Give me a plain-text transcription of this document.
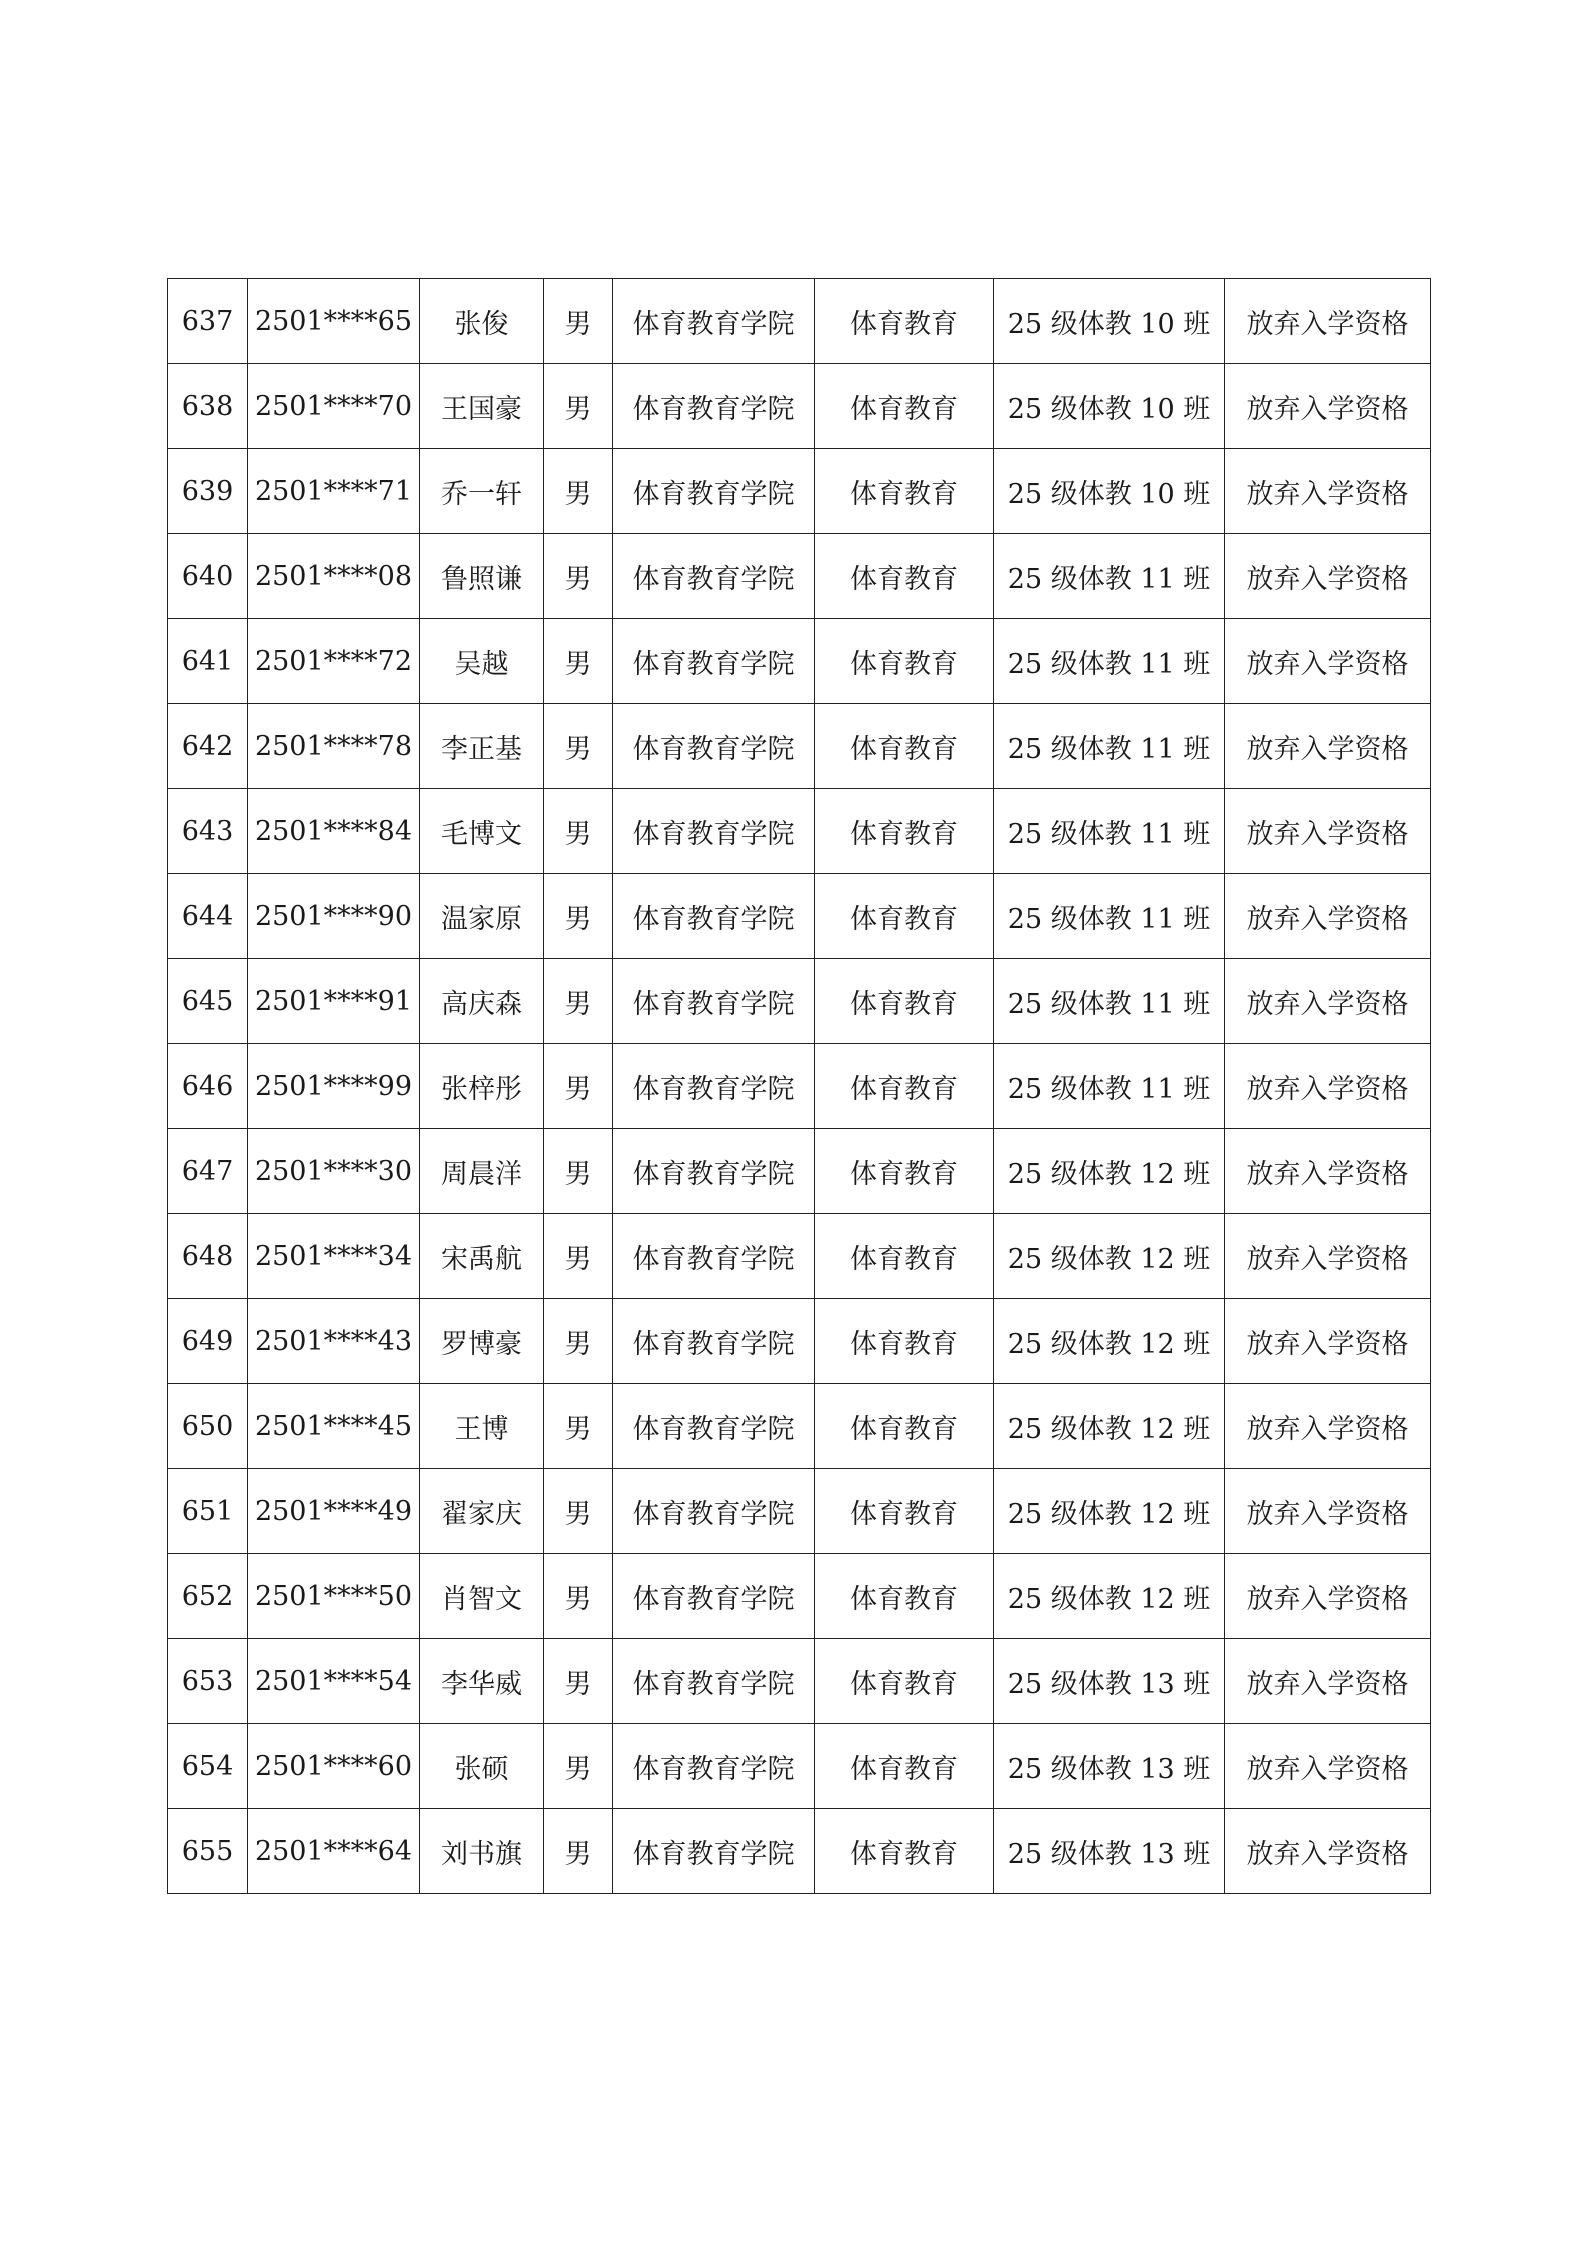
637	2501****65	张俊	男	体育教育学院	体育教育	25 级体教 10 班	放弃入学资格
638	2501****70	王国豪	男	体育教育学院	体育教育	25 级体教 10 班	放弃入学资格
639	2501****71	乔一轩	男	体育教育学院	体育教育	25 级体教 10 班	放弃入学资格
640	2501****08	鲁照谦	男	体育教育学院	体育教育	25 级体教 11 班	放弃入学资格
641	2501****72	吴越	男	体育教育学院	体育教育	25 级体教 11 班	放弃入学资格
642	2501****78	李正基	男	体育教育学院	体育教育	25 级体教 11 班	放弃入学资格
643	2501****84	毛博文	男	体育教育学院	体育教育	25 级体教 11 班	放弃入学资格
644	2501****90	温家原	男	体育教育学院	体育教育	25 级体教 11 班	放弃入学资格
645	2501****91	高庆森	男	体育教育学院	体育教育	25 级体教 11 班	放弃入学资格
646	2501****99	张梓彤	男	体育教育学院	体育教育	25 级体教 11 班	放弃入学资格
647	2501****30	周晨洋	男	体育教育学院	体育教育	25 级体教 12 班	放弃入学资格
648	2501****34	宋禹航	男	体育教育学院	体育教育	25 级体教 12 班	放弃入学资格
649	2501****43	罗博豪	男	体育教育学院	体育教育	25 级体教 12 班	放弃入学资格
650	2501****45	王博	男	体育教育学院	体育教育	25 级体教 12 班	放弃入学资格
651	2501****49	翟家庆	男	体育教育学院	体育教育	25 级体教 12 班	放弃入学资格
652	2501****50	肖智文	男	体育教育学院	体育教育	25 级体教 12 班	放弃入学资格
653	2501****54	李华威	男	体育教育学院	体育教育	25 级体教 13 班	放弃入学资格
654	2501****60	张硕	男	体育教育学院	体育教育	25 级体教 13 班	放弃入学资格
655	2501****64	刘书旗	男	体育教育学院	体育教育	25 级体教 13 班	放弃入学资格
